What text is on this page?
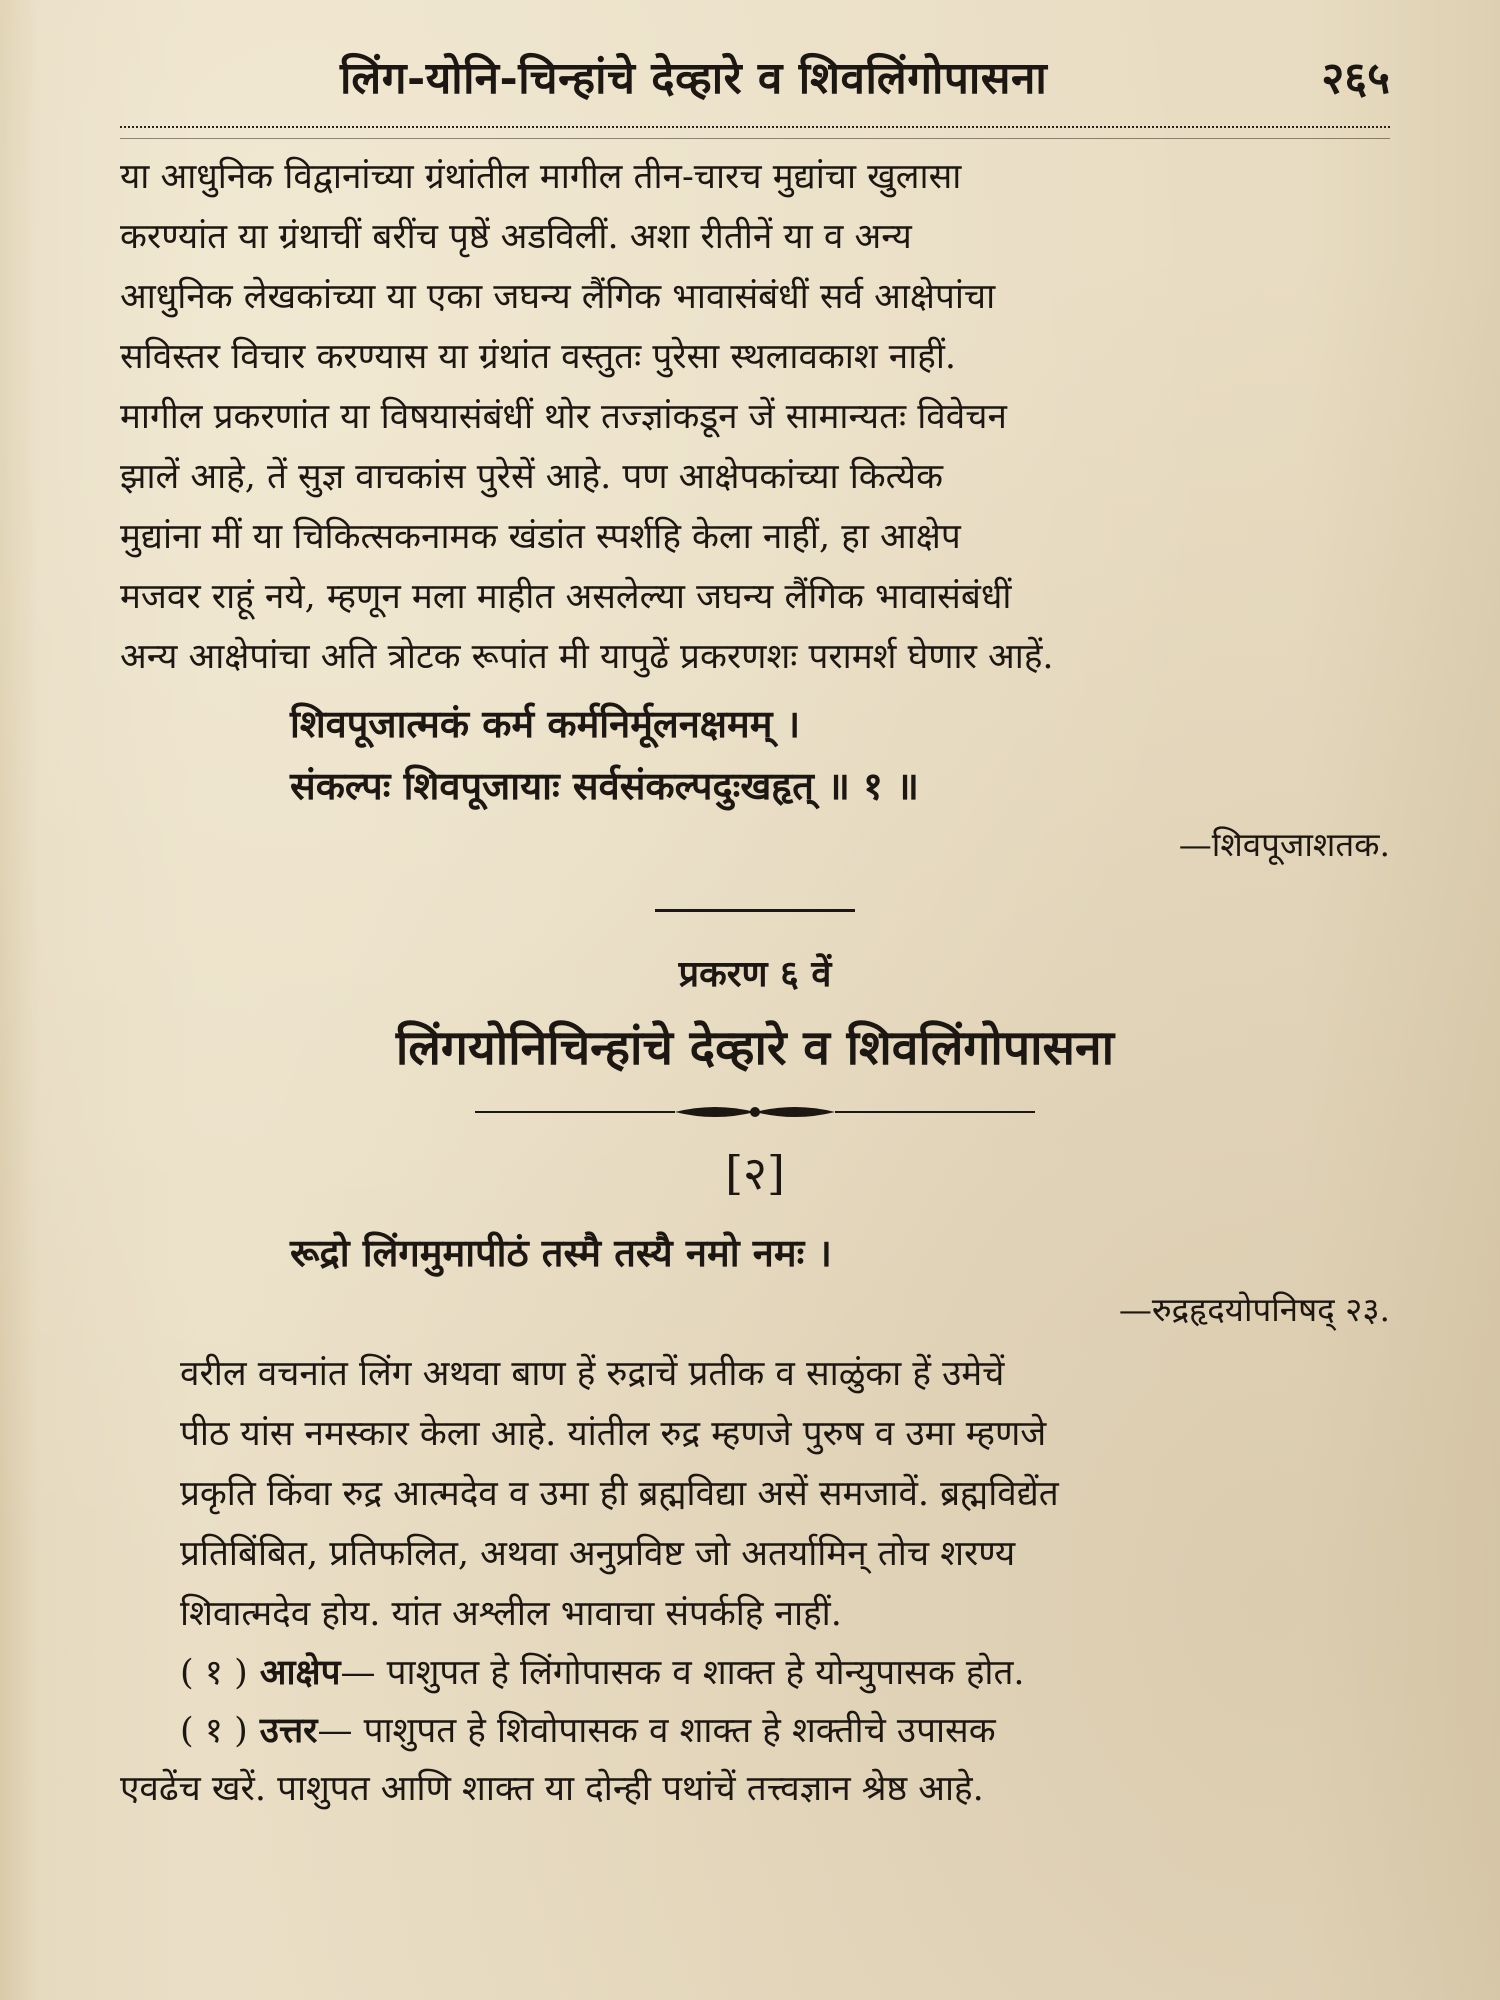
लिंग-योनि-चिन्हांचे देव्हारे व शिवलिंगोपासना	२६५
या आधुनिक विद्वानांच्या ग्रंथांतील मागील तीन-चारच मुद्यांचा खुलासा
करण्यांत या ग्रंथाचीं बरींच पृष्ठें अडविलीं. अशा रीतीनें या व अन्य
आधुनिक लेखकांच्या या एका जघन्य लैंगिक भावासंबंधीं सर्व आक्षेपांचा
सविस्तर विचार करण्यास या ग्रंथांत वस्तुतः पुरेसा स्थलावकाश नाहीं.
मागील प्रकरणांत या विषयासंबंधीं थोर तज्ज्ञांकडून जें सामान्यतः विवेचन
झालें आहे, तें सुज्ञ वाचकांस पुरेसें आहे. पण आक्षेपकांच्या कित्येक
मुद्यांना मीं या चिकित्सकनामक खंडांत स्पर्शहि केला नाहीं, हा आक्षेप
मजवर राहूं नये, म्हणून मला माहीत असलेल्या जघन्य लैंगिक भावासंबंधीं
अन्य आक्षेपांचा अति त्रोटक रूपांत मी यापुढें प्रकरणशः परामर्श घेणार आहें.
शिवपूजात्मकं कर्म कर्मनिर्मूलनक्षमम् ।
संकल्पः शिवपूजायाः सर्वसंकल्पदुःखहृत् ॥ १ ॥

—शिवपूजाशतक.

प्रकरण ६ वें

लिंगयोनिचिन्हांचे देव्हारे व शिवलिंगोपासना

[२]

रूद्रो लिंगमुमापीठं तस्मै तस्यै नमो नमः ।

—रुद्रहृदयोपनिषद् २३.

वरील वचनांत लिंग अथवा बाण हें रुद्राचें प्रतीक व साळुंका हें उमेचें
पीठ यांस नमस्कार केला आहे. यांतील रुद्र म्हणजे पुरुष व उमा म्हणजे
प्रकृति किंवा रुद्र आत्मदेव व उमा ही ब्रह्मविद्या असें समजावें. ब्रह्मविद्येंत
प्रतिबिंबित, प्रतिफलित, अथवा अनुप्रविष्ट जो अतर्यामिन् तोच शरण्य
शिवात्मदेव होय. यांत अश्लील भावाचा संपर्कहि नाहीं.

( १ ) आक्षेप— पाशुपत हे लिंगोपासक व शाक्त हे योन्युपासक होत.

( १ ) उत्तर— पाशुपत हे शिवोपासक व शाक्त हे शक्तीचे उपासक

एवढेंच खरें. पाशुपत आणि शाक्त या दोन्ही पथांचें तत्त्वज्ञान श्रेष्ठ आहे.
